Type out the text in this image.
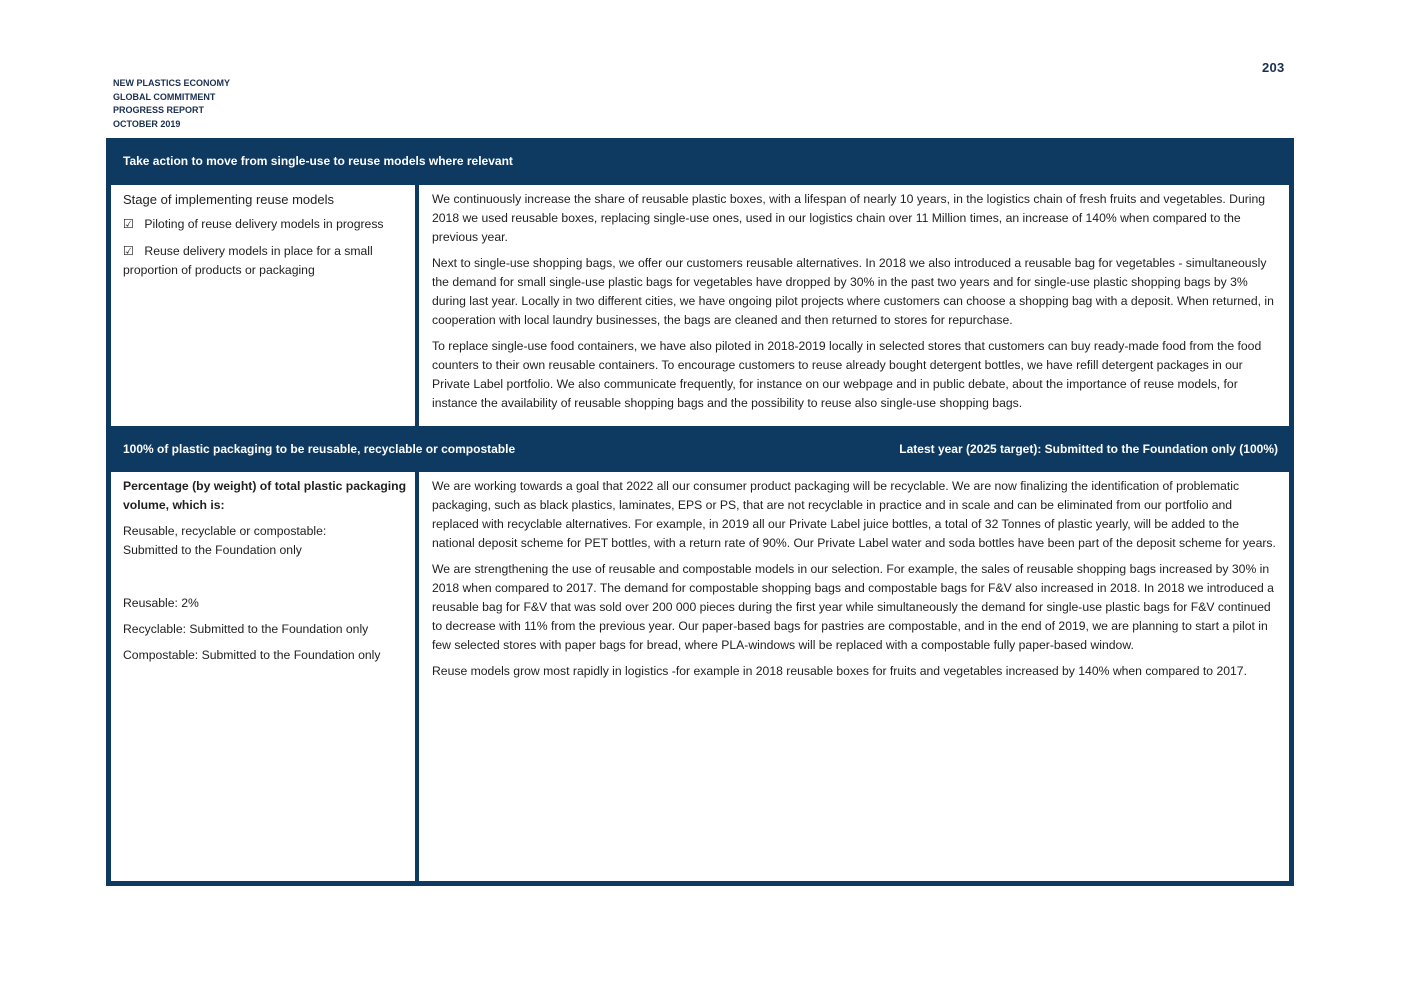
203
NEW PLASTICS ECONOMY
GLOBAL COMMITMENT
PROGRESS REPORT
OCTOBER 2019
Take action to move from single-use to reuse models where relevant
Stage of implementing reuse models
☑ Piloting of reuse delivery models in progress
☑ Reuse delivery models in place for a small proportion of products or packaging

We continuously increase the share of reusable plastic boxes, with a lifespan of nearly 10 years, in the logistics chain of fresh fruits and vegetables. During 2018 we used reusable boxes, replacing single-use ones, used in our logistics chain over 11 Million times, an increase of 140% when compared to the previous year.

Next to single-use shopping bags, we offer our customers reusable alternatives. In 2018 we also introduced a reusable bag for vegetables - simultaneously the demand for small single-use plastic bags for vegetables have dropped by 30% in the past two years and for single-use plastic shopping bags by 3% during last year. Locally in two different cities, we have ongoing pilot projects where customers can choose a shopping bag with a deposit. When returned, in cooperation with local laundry businesses, the bags are cleaned and then returned to stores for repurchase.

To replace single-use food containers, we have also piloted in 2018-2019 locally in selected stores that customers can buy ready-made food from the food counters to their own reusable containers. To encourage customers to reuse already bought detergent bottles, we have refill detergent packages in our Private Label portfolio. We also communicate frequently, for instance on our webpage and in public debate, about the importance of reuse models, for instance the availability of reusable shopping bags and the possibility to reuse also single-use shopping bags.

100% of plastic packaging to be reusable, recyclable or compostable	Latest year (2025 target): Submitted to the Foundation only (100%)

Percentage (by weight) of total plastic packaging volume, which is:

Reusable, recyclable or compostable:
Submitted to the Foundation only
Reusable: 2%
Recyclable: Submitted to the Foundation only
Compostable: Submitted to the Foundation only

We are working towards a goal that 2022 all our consumer product packaging will be recyclable. We are now finalizing the identification of problematic packaging, such as black plastics, laminates, EPS or PS, that are not recyclable in practice and in scale and can be eliminated from our portfolio and replaced with recyclable alternatives. For example, in 2019 all our Private Label juice bottles, a total of 32 Tonnes of plastic yearly, will be added to the national deposit scheme for PET bottles, with a return rate of 90%. Our Private Label water and soda bottles have been part of the deposit scheme for years.

We are strengthening the use of reusable and compostable models in our selection. For example, the sales of reusable shopping bags increased by 30% in 2018 when compared to 2017. The demand for compostable shopping bags and compostable bags for F&V also increased in 2018. In 2018 we introduced a reusable bag for F&V that was sold over 200 000 pieces during the first year while simultaneously the demand for single-use plastic bags for F&V continued to decrease with 11% from the previous year. Our paper-based bags for pastries are compostable, and in the end of 2019, we are planning to start a pilot in few selected stores with paper bags for bread, where PLA-windows will be replaced with a compostable fully paper-based window.

Reuse models grow most rapidly in logistics -for example in 2018 reusable boxes for fruits and vegetables increased by 140% when compared to 2017.
